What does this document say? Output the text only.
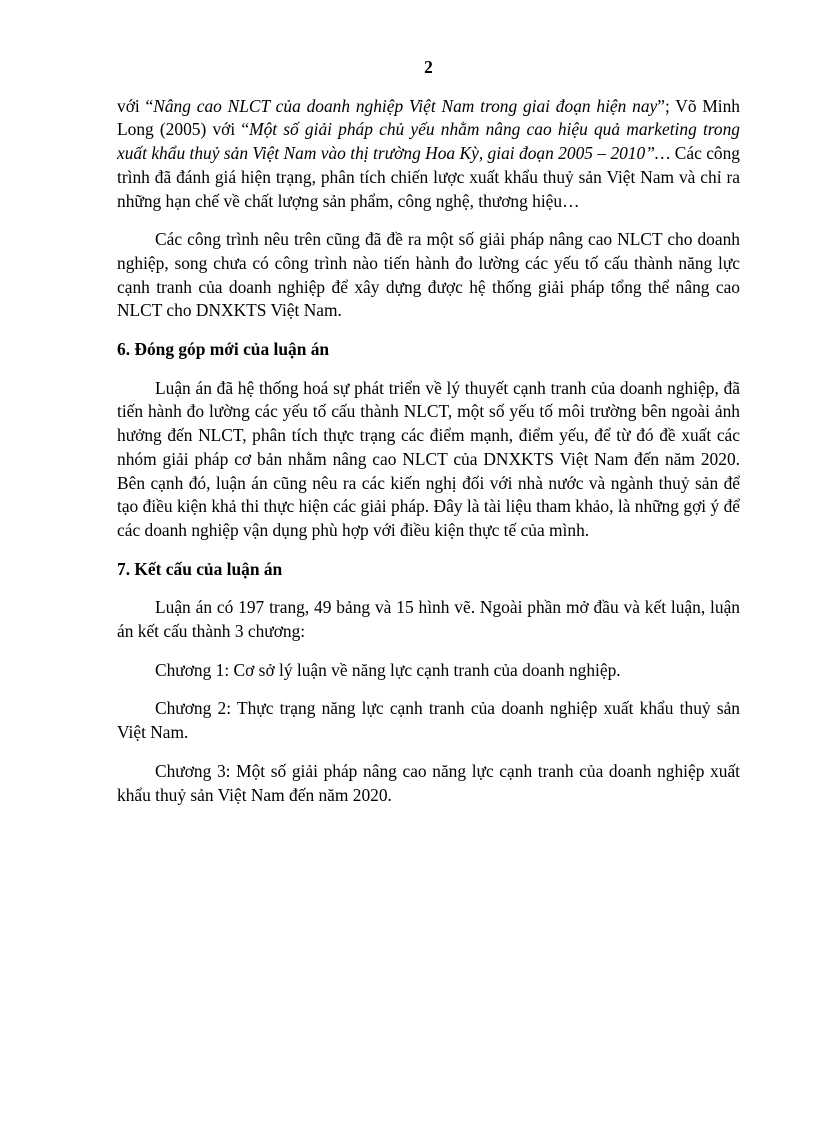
2

với “Nâng cao NLCT của doanh nghiệp Việt Nam trong giai đoạn hiện nay”; Võ Minh Long (2005) với “Một số giải pháp chủ yếu nhằm nâng cao hiệu quả marketing trong xuất khẩu thuỷ sản Việt Nam vào thị trường Hoa Kỳ, giai đoạn 2005 – 2010”… Các công trình đã đánh giá hiện trạng, phân tích chiến lược xuất khẩu thuỷ sản Việt Nam và chỉ ra những hạn chế về chất lượng sản phẩm, công nghệ, thương hiệu…

Các công trình nêu trên cũng đã đề ra một số giải pháp nâng cao NLCT cho doanh nghiệp, song chưa có công trình nào tiến hành đo lường các yếu tố cấu thành năng lực cạnh tranh của doanh nghiệp để xây dựng được hệ thống giải pháp tổng thể nâng cao NLCT cho DNXKTS Việt Nam.

6. Đóng góp mới của luận án

Luận án đã hệ thống hoá sự phát triển về lý thuyết cạnh tranh của doanh nghiệp, đã tiến hành đo lường các yếu tố cấu thành NLCT, một số yếu tố môi trường bên ngoài ảnh hưởng đến NLCT, phân tích thực trạng các điểm mạnh, điểm yếu, để từ đó đề xuất các nhóm giải pháp cơ bản nhằm nâng cao NLCT của DNXKTS Việt Nam đến năm 2020. Bên cạnh đó, luận án cũng nêu ra các kiến nghị đối với nhà nước và ngành thuỷ sản để tạo điều kiện khả thi thực hiện các giải pháp. Đây là tài liệu tham khảo, là những gợi ý để các doanh nghiệp vận dụng phù hợp với điều kiện thực tế của mình.

7. Kết cấu của luận án

Luận án có 197 trang, 49 bảng và 15 hình vẽ. Ngoài phần mở đầu và kết luận, luận án kết cấu thành 3 chương:

Chương 1: Cơ sở lý luận về năng lực cạnh tranh của doanh nghiệp.

Chương 2: Thực trạng năng lực cạnh tranh của doanh nghiệp xuất khẩu thuỷ sản Việt Nam.

Chương 3: Một số giải pháp nâng cao năng lực cạnh tranh của doanh nghiệp xuất khẩu thuỷ sản Việt Nam đến năm 2020.
